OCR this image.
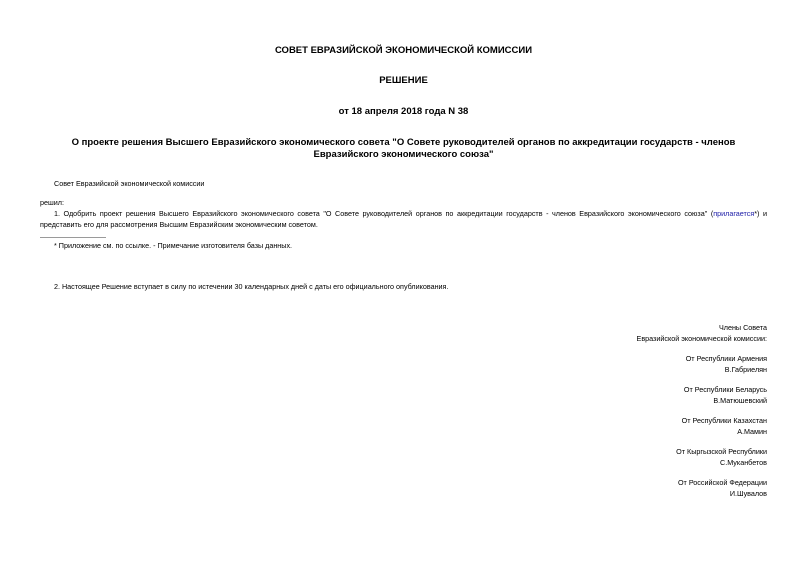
СОВЕТ ЕВРАЗИЙСКОЙ ЭКОНОМИЧЕСКОЙ КОМИССИИ
РЕШЕНИЕ
от 18 апреля 2018 года N 38
О проекте решения Высшего Евразийского экономического совета "О Совете руководителей органов по аккредитации государств - членов Евразийского экономического союза"
Совет Евразийской экономической комиссии
решил:
1. Одобрить проект решения Высшего Евразийского экономического совета "О Совете руководителей органов по аккредитации государств - членов Евразийского экономического союза" (прилагается*) и представить его для рассмотрения Высшим Евразийским экономическим советом.
* Приложение см. по ссылке. - Примечание изготовителя базы данных.
2. Настоящее Решение вступает в силу по истечении 30 календарных дней с даты его официального опубликования.
Члены Совета
Евразийской экономической комиссии:
От Республики Армения
В.Габриелян
От Республики Беларусь
В.Матюшевский
От Республики Казахстан
А.Мамин
От Кыргызской Республики
С.Муканбетов
От Российской Федерации
И.Шувалов
